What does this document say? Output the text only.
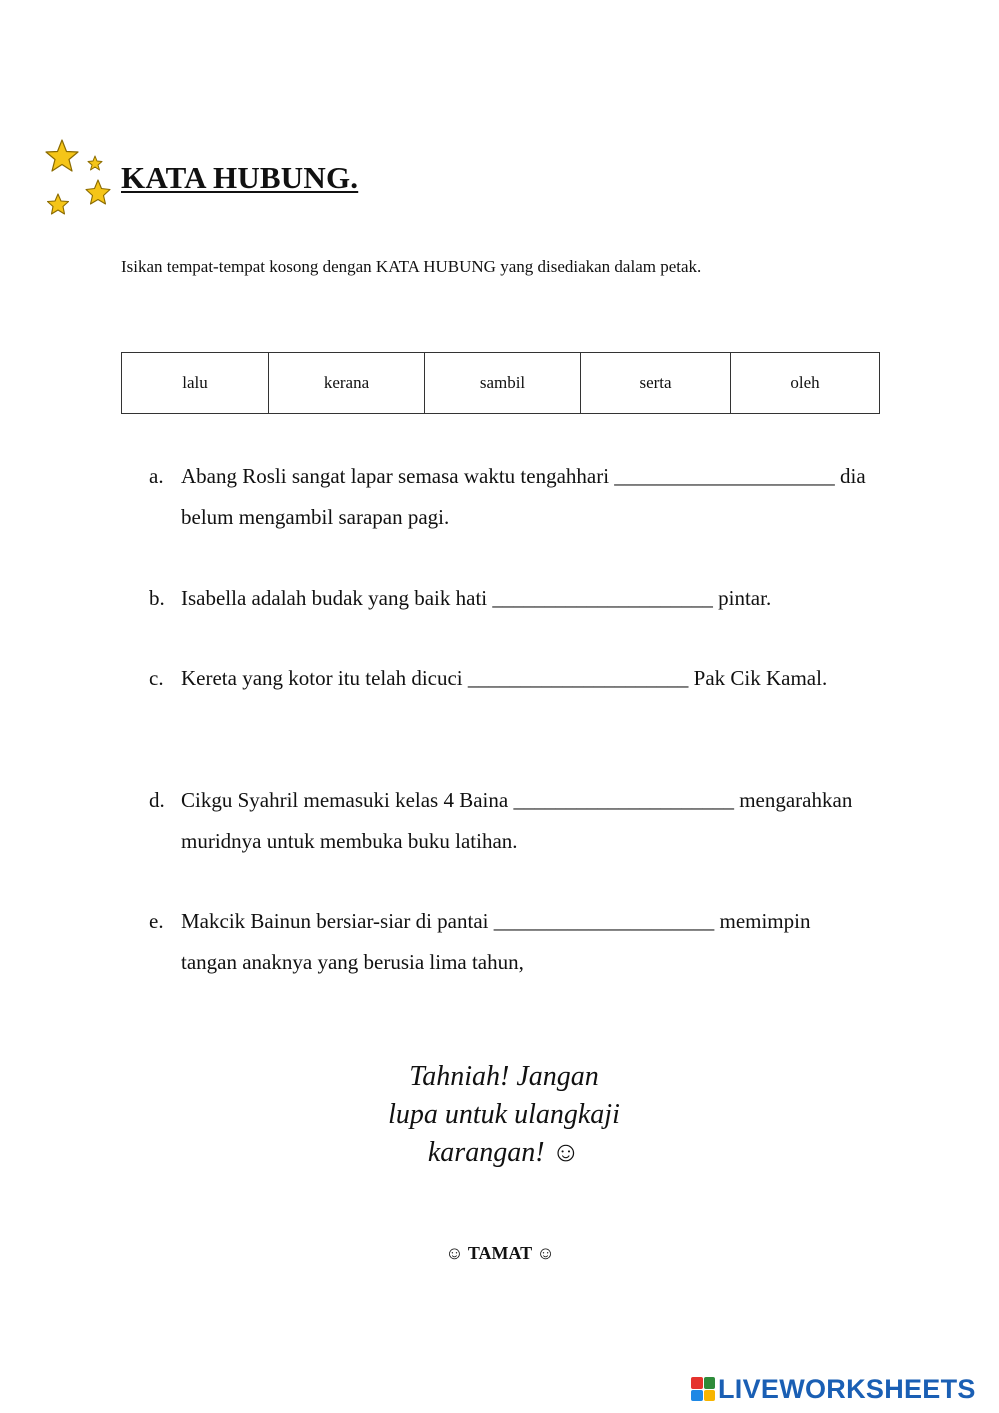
KATA HUBUNG.
Isikan tempat-tempat kosong dengan KATA HUBUNG yang disediakan dalam petak.
lalu	kerana	sambil	serta	oleh
a. Abang Rosli sangat lapar semasa waktu tengahhari _____________________ dia belum mengambil sarapan pagi.
b. Isabella adalah budak yang baik hati _____________________ pintar.
c. Kereta yang kotor itu telah dicuci _____________________ Pak Cik Kamal.
d. Cikgu Syahril memasuki kelas 4 Baina _____________________ mengarahkan muridnya untuk membuka buku latihan.
e. Makcik Bainun bersiar-siar di pantai _____________________ memimpin tangan anaknya yang berusia lima tahun,
Tahniah! Jangan
lupa untuk ulangkaji
karangan! ☺
☺ TAMAT ☺
LIVEWORKSHEETS
